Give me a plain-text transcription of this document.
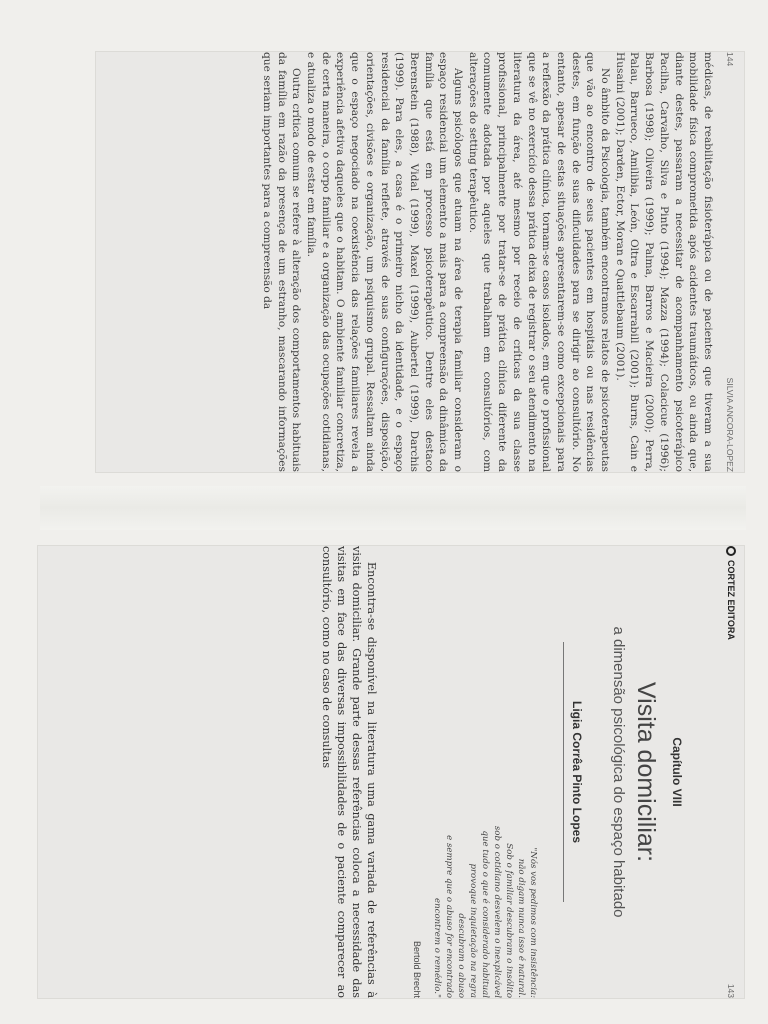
144
SILVIA ANCORA-LOPEZ

médicas, de reabilitação fisioterápica ou de pacientes que tiveram a sua mobilidade física comprometida após acidentes traumáticos, ou ainda que, diante destes, passaram a necessitar de acompanhamento psicoterápico Pacilha, Carvalho, Silva e Pinto (1994); Mazza (1994); Colacicue (1996); Barbosa (1998); Oliveira (1999); Palma, Barros e Macieira (2000); Perra, Palau, Barrueco, Amilibia, León, Oltra e Escarrabill (2001); Burns, Cain e Husaini (2001); Darden, Ector, Moran e Quattlebaum (2001).

No âmbito da Psicologia, também encontramos relatos de psicoterapeutas que vão ao encontro de seus pacientes em hospitais ou nas residências destes, em função de suas dificuldades para se dirigir ao consultório. No entanto, apesar de estas situações apresentarem-se como excepcionais para a reflexão da prática clínica, tornam-se casos isolados, em que o profissional que se vê no exercício dessa prática deixa de registrar o seu atendimento na literatura da área, até mesmo por receio de críticas da sua classe profissional, principalmente por tratar-se de prática clínica diferente da comumente adotada por aqueles que trabalham em consultórios, com alterações do setting terapêutico.

Alguns psicólogos que atuam na área de terapia familiar consideram o espaço residencial um elemento a mais para a compreensão da dinâmica da família que está em processo psicoterapêutico. Dentre eles destaco Berenstein (1988), Vidal (1999), Maxel (1999), Aubertel (1999), Darchis (1999). Para eles, a casa é o primeiro nicho da identidade, e o espaço residencial da família reflete, através de suas configurações, disposição, orientações, civisões e organização, um psiquismo grupal. Ressaltam ainda que o espaço negociado na coexistência das relações familiares revela a experiência afetiva daqueles que o habitam. O ambiente familiar concretiza, de certa maneira, o corpo familiar e a organização das ocupações cotidianas, e atualiza o modo de estar em família.

Outra crítica comum se refere à alteração dos comportamentos habituais da família em razão da presença de um estranho, mascarando informações que seriam importantes para a compreensão da

CORTEZ EDITORA
143
Capítulo VIII
Visita domiciliar:
a dimensão psicológica do espaço habitado
Ligia Corrêa Pinto Lopes
"Nós vos pedimos com insistência:
não digam nunca isso é natural.
Sob o familiar descubram o insólito
sob o cotidiano desvelem o inexplicável
que tudo o que é considerado habitual
provoque inquietação na regra
descubram o abuso
e sempre que o abuso for encontrado
encontrem o remédio."
Bertold Brecht

Encontra-se disponível na literatura uma gama variada de referências à visita domiciliar. Grande parte dessas referências coloca a necessidade das visitas em face das diversas impossibilidades de o paciente comparecer ao consultório, como no caso de consultas
